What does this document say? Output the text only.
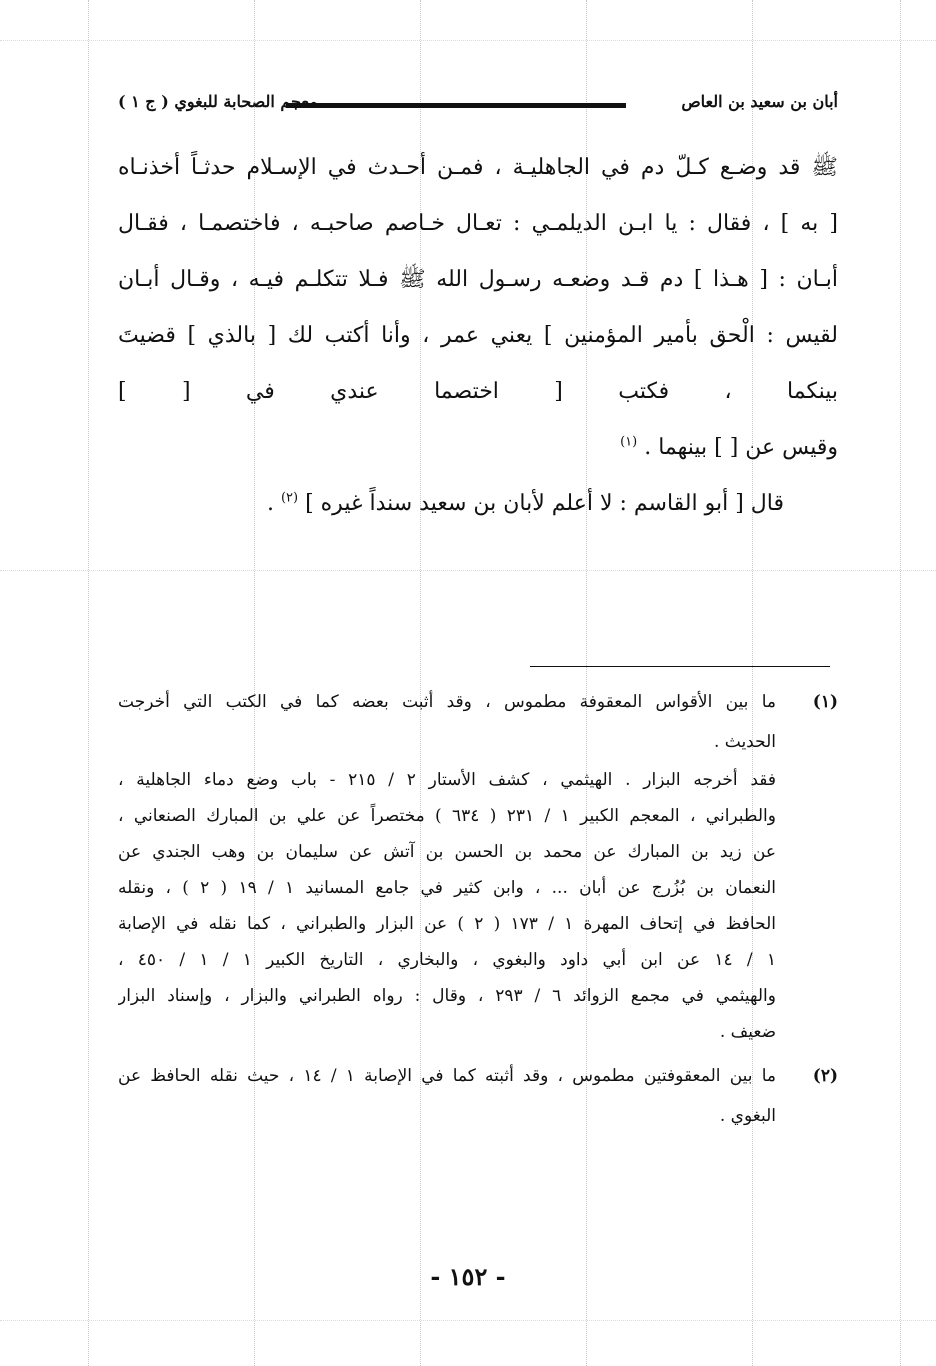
أبان بن سعيد بن العاص
معجم الصحابة للبغوي ( ج ١ )
ﷺ قد وضـع كـلّ دم في الجاهليـة ، فمـن أحـدث في الإسـلام حدثـاً أخذنـاه
[ به ] ، فقال : يا ابـن الديلمـي : تعـال خـاصم صاحبـه ، فاختصمـا ، فقـال
أبـان : [ هـذا ] دم قـد وضعـه رسـول الله ﷺ فـلا تتكلـم فيـه ، وقـال أبـان
لقيس : الْحق بأمير المؤمنين ] يعني عمر ، وأنا أكتب لك [ بالذي ] قضيتَ
بينكما ، فكتب [ اختصما عندي في [ ]
وقيس عن [ ] بينهما . $^{(١)}$
قال [ أبو القاسم : لا أعلم لأبان بن سعيد سنداً غيره ] $^{(٢)}$ .
(١)
ما بين الأقواس المعقوفة مطموس ، وقد أثبت بعضه كما في الكتب التي أخرجت
الحديث .
فقد أخرجه البزار . الهيثمي ، كشف الأستار ٢ / ٢١٥ - باب وضع دماء الجاهلية ،
والطبراني ، المعجم الكبير ١ / ٢٣١ ( ٦٣٤ ) مختصراً عن علي بن المبارك الصنعاني ،
عن زيد بن المبارك عن محمد بن الحسن بن آتش عن سليمان بن وهب الجندي عن
النعمان بن بُزُرج عن أبان ... ، وابن كثير في جامع المسانيد ١ / ١٩ ( ٢ ) ، ونقله
الحافظ في إتحاف المهرة ١ / ١٧٣ ( ٢ ) عن البزار والطبراني ، كما نقله في الإصابة
١ / ١٤ عن ابن أبي داود والبغوي ، والبخاري ، التاريخ الكبير ١ / ١ / ٤٥٠ ،
والهيثمي في مجمع الزوائد ٦ / ٢٩٣ ، وقال : رواه الطبراني والبزار ، وإسناد البزار
ضعيف .
(٢)
ما بين المعقوفتين مطموس ، وقد أثبته كما في الإصابة ١ / ١٤ ، حيث نقله الحافظ عن
البغوي .
- ١٥٢ -
